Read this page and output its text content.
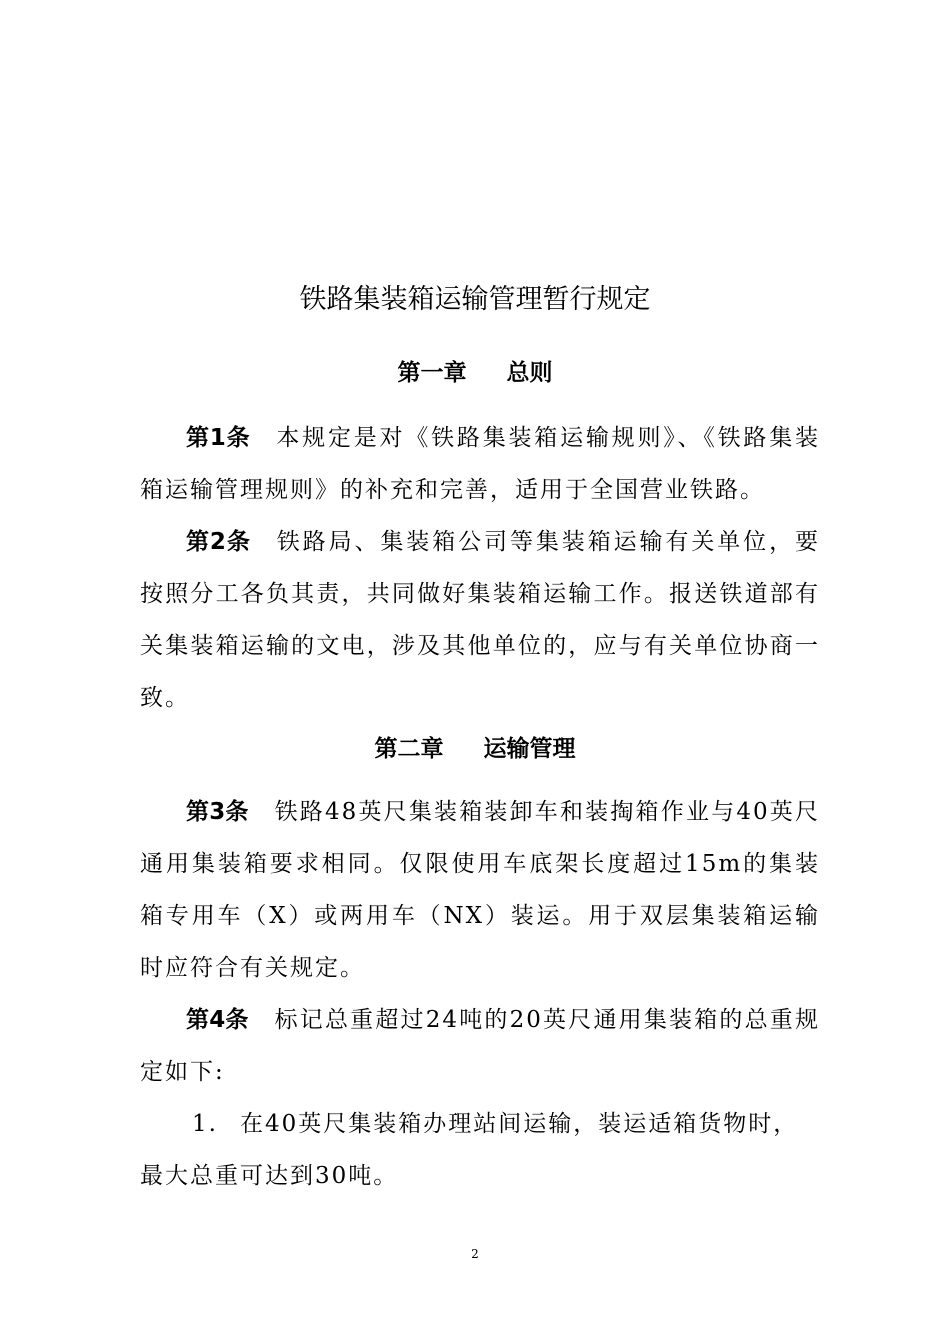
铁路集装箱运输管理暂行规定
第一章 总则
第1条 本规定是对《铁路集装箱运输规则》、《铁路集装箱运输管理规则》的补充和完善，适用于全国营业铁路。
第2条 铁路局、集装箱公司等集装箱运输有关单位，要按照分工各负其责，共同做好集装箱运输工作。报送铁道部有关集装箱运输的文电，涉及其他单位的，应与有关单位协商一致。
第二章 运输管理
第3条 铁路48英尺集装箱装卸车和装掏箱作业与40英尺通用集装箱要求相同。仅限使用车底架长度超过15m的集装箱专用车（X）或两用车（NX）装运。用于双层集装箱运输时应符合有关规定。
第4条 标记总重超过24吨的20英尺通用集装箱的总重规定如下:
1. 在40英尺集装箱办理站间运输，装运适箱货物时，最大总重可达到30吨。
2
